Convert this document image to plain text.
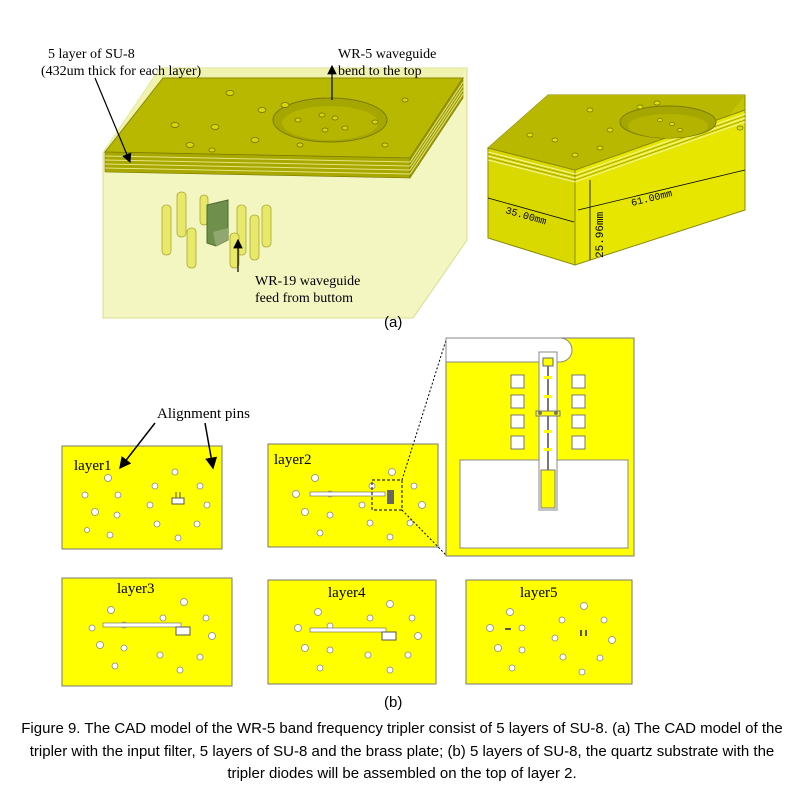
5 layer of SU-8
(432um thick for each layer)
WR-5 waveguide
bend to the top
WR-19 waveguide
feed from buttom
35.00mm
61.00mm
25.96mm
layer1	layer2
Alignment pins
layer3	layer4	layer5
(a)
(b)
Figure 9. The CAD model of the WR-5 band frequency tripler consist of 5 layers of SU-8. (a) The CAD model of the tripler with the input filter, 5 layers of SU-8 and the brass plate; (b) 5 layers of SU-8, the quartz substrate with the tripler diodes will be assembled on the top of layer 2.
